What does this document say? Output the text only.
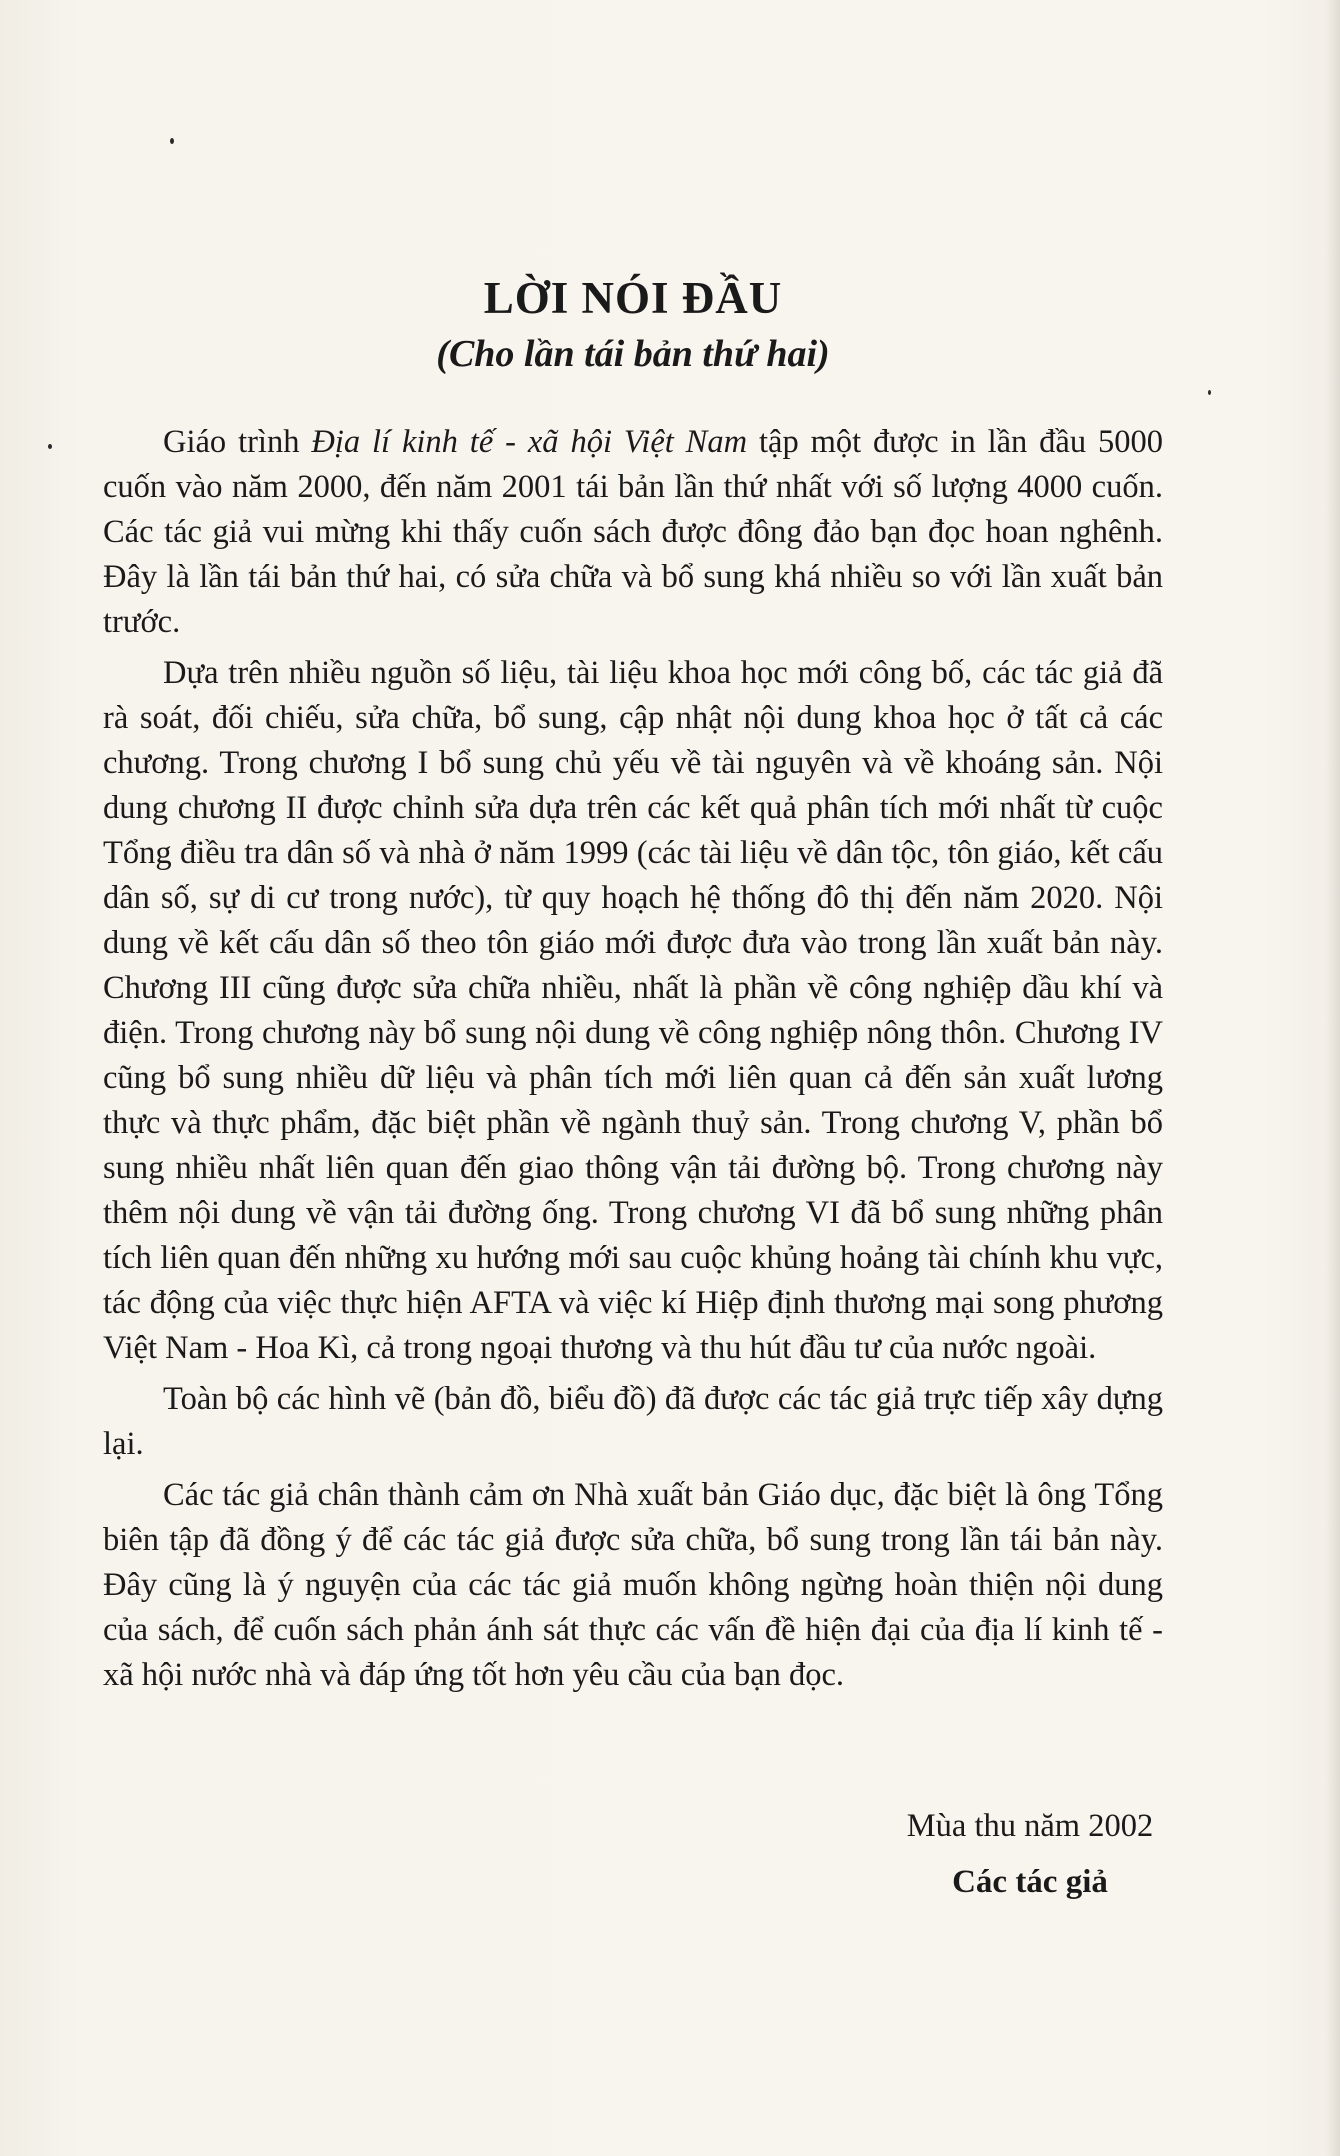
LỜI NÓI ĐẦU
(Cho lần tái bản thứ hai)

Giáo trình Địa lí kinh tế - xã hội Việt Nam tập một được in lần đầu 5000 cuốn vào năm 2000, đến năm 2001 tái bản lần thứ nhất với số lượng 4000 cuốn. Các tác giả vui mừng khi thấy cuốn sách được đông đảo bạn đọc hoan nghênh. Đây là lần tái bản thứ hai, có sửa chữa và bổ sung khá nhiều so với lần xuất bản trước.

Dựa trên nhiều nguồn số liệu, tài liệu khoa học mới công bố, các tác giả đã rà soát, đối chiếu, sửa chữa, bổ sung, cập nhật nội dung khoa học ở tất cả các chương. Trong chương I bổ sung chủ yếu về tài nguyên và về khoáng sản. Nội dung chương II được chỉnh sửa dựa trên các kết quả phân tích mới nhất từ cuộc Tổng điều tra dân số và nhà ở năm 1999 (các tài liệu về dân tộc, tôn giáo, kết cấu dân số, sự di cư trong nước), từ quy hoạch hệ thống đô thị đến năm 2020. Nội dung về kết cấu dân số theo tôn giáo mới được đưa vào trong lần xuất bản này. Chương III cũng được sửa chữa nhiều, nhất là phần về công nghiệp dầu khí và điện. Trong chương này bổ sung nội dung về công nghiệp nông thôn. Chương IV cũng bổ sung nhiều dữ liệu và phân tích mới liên quan cả đến sản xuất lương thực và thực phẩm, đặc biệt phần về ngành thuỷ sản. Trong chương V, phần bổ sung nhiều nhất liên quan đến giao thông vận tải đường bộ. Trong chương này thêm nội dung về vận tải đường ống. Trong chương VI đã bổ sung những phân tích liên quan đến những xu hướng mới sau cuộc khủng hoảng tài chính khu vực, tác động của việc thực hiện AFTA và việc kí Hiệp định thương mại song phương Việt Nam - Hoa Kì, cả trong ngoại thương và thu hút đầu tư của nước ngoài.

Toàn bộ các hình vẽ (bản đồ, biểu đồ) đã được các tác giả trực tiếp xây dựng lại.

Các tác giả chân thành cảm ơn Nhà xuất bản Giáo dục, đặc biệt là ông Tổng biên tập đã đồng ý để các tác giả được sửa chữa, bổ sung trong lần tái bản này. Đây cũng là ý nguyện của các tác giả muốn không ngừng hoàn thiện nội dung của sách, để cuốn sách phản ánh sát thực các vấn đề hiện đại của địa lí kinh tế - xã hội nước nhà và đáp ứng tốt hơn yêu cầu của bạn đọc.

Mùa thu năm 2002
Các tác giả
